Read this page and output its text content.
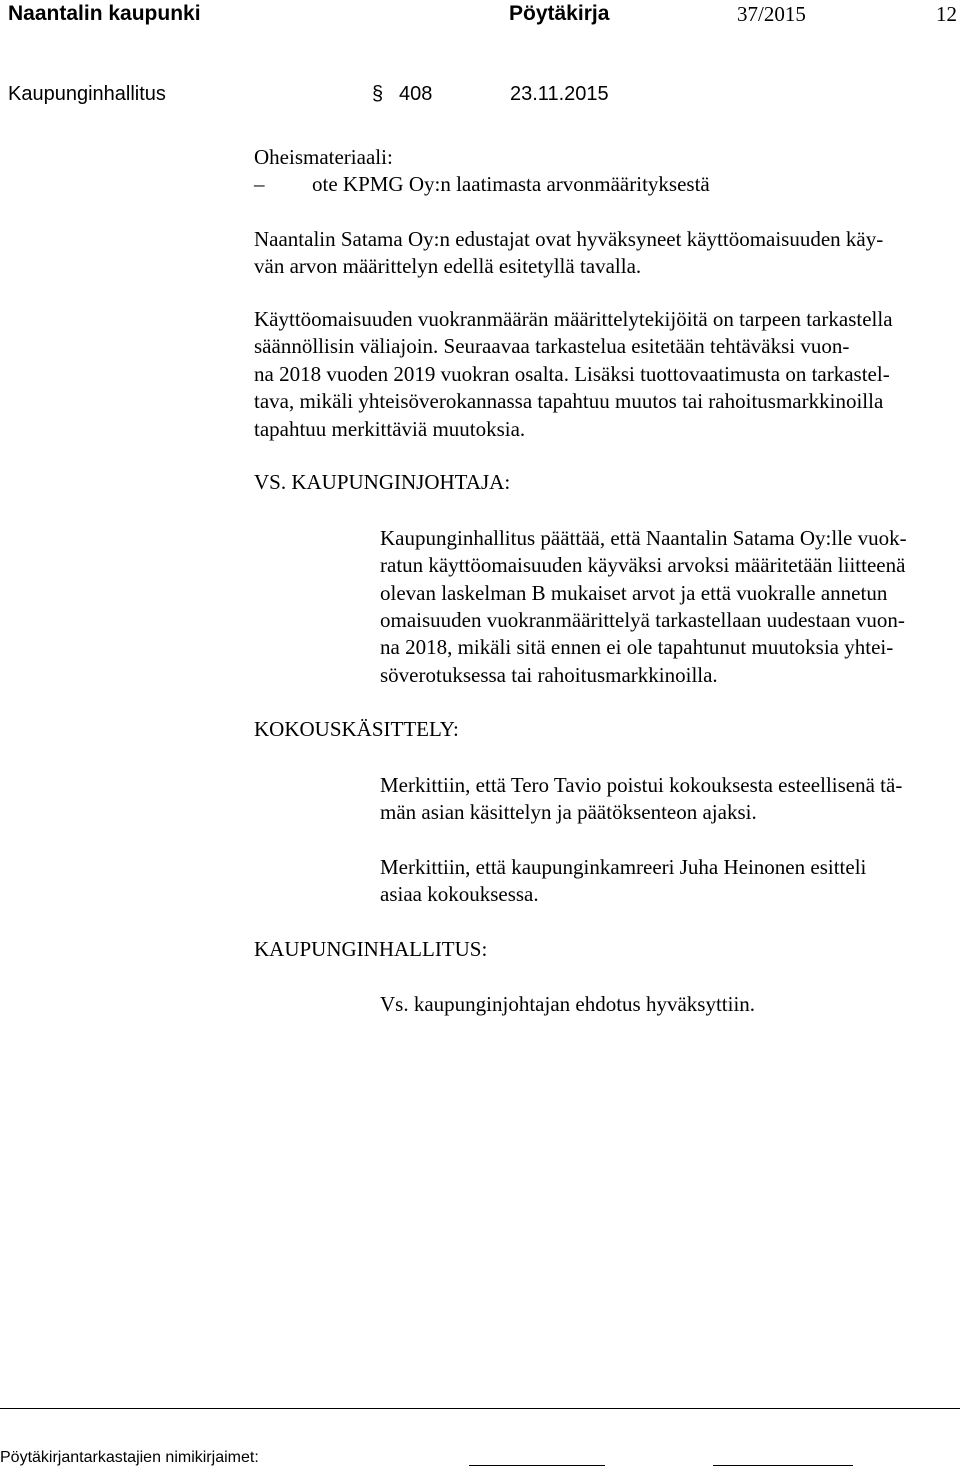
Naantalin kaupunki	Pöytäkirja	37/2015	12
Kaupunginhallitus	§ 408	23.11.2015
Oheismateriaali:
– ote KPMG Oy:n laatimasta arvonmäärityksestä
Naantalin Satama Oy:n edustajat ovat hyväksyneet käyttöomaisuuden käy-
vän arvon määrittelyn edellä esitetyllä tavalla.
Käyttöomaisuuden vuokranmäärän määrittelytekijöitä on tarpeen tarkastella
säännöllisin väliajoin. Seuraavaa tarkastelua esitetään tehtäväksi vuon-
na 2018 vuoden 2019 vuokran osalta. Lisäksi tuottovaatimusta on tarkastel-
tava, mikäli yhteisöverokannassa tapahtuu muutos tai rahoitusmarkkinoilla
tapahtuu merkittäviä muutoksia.
VS. KAUPUNGINJOHTAJA:
Kaupunginhallitus päättää, että Naantalin Satama Oy:lle vuok-
ratun käyttöomaisuuden käyväksi arvoksi määritetään liitteenä
olevan laskelman B mukaiset arvot ja että vuokralle annetun
omaisuuden vuokranmäärittelyä tarkastellaan uudestaan vuon-
na 2018, mikäli sitä ennen ei ole tapahtunut muutoksia yhtei-
söverotuksessa tai rahoitusmarkkinoilla.
KOKOUSKÄSITTELY:
Merkittiin, että Tero Tavio poistui kokouksesta esteellisenä tä-
män asian käsittelyn ja päätöksenteon ajaksi.
Merkittiin, että kaupunginkamreeri Juha Heinonen esitteli
asiaa kokouksessa.
KAUPUNGINHALLITUS:
Vs. kaupunginjohtajan ehdotus hyväksyttiin.
Pöytäkirjantarkastajien nimikirjaimet:
